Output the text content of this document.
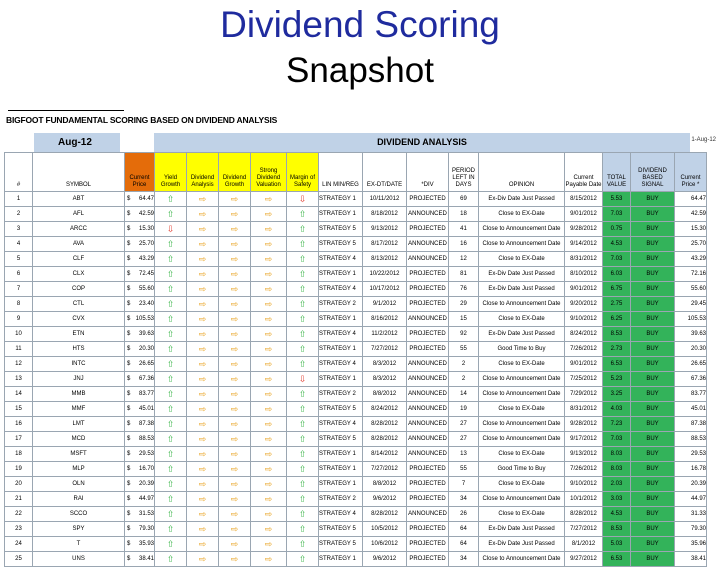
Dividend Scoring
Snapshot
BIGFOOT FUNDAMENTAL SCORING BASED ON DIVIDEND ANALYSIS
Aug-12	DIVIDEND ANALYSIS	1-Aug-12
#	SYMBOL	Current Price	Yield Growth	Dividend Analysis	Dividend Growth	Strong Dividend Valuation	Margin of Safety	LIN MIN/REG	EX-DT/DATE	*DIV	PERIOD LEFT IN DAYS	OPINION	Current Payable Date	TOTAL VALUE	DIVIDEND BASED SIGNAL	Current Price *
1	ABT	$ 64.47	⇧	⇨	⇨	⇨	⇩	STRATEGY 1	10/11/2012	PROJECTED	69	Ex-Div Date Just Passed	8/15/2012	5.53	BUY	64.47
2	AFL	$ 42.59	⇧	⇨	⇨	⇨	⇧	STRATEGY 1	8/18/2012	ANNOUNCED	18	Close to EX-Date	9/01/2012	7.03	BUY	42.59
3	ARCC	$ 15.30	⇩	⇨	⇨	⇨	⇧	STRATEGY 5	9/13/2012	PROJECTED	41	Close to Announcement Date	9/28/2012	0.75	BUY	15.30
4	AVA	$ 25.70	⇧	⇨	⇨	⇨	⇧	STRATEGY 5	8/17/2012	ANNOUNCED	16	Close to Announcement Date	9/14/2012	4.53	BUY	25.70
5	CLF	$ 43.29	⇧	⇨	⇨	⇨	⇧	STRATEGY 4	8/13/2012	ANNOUNCED	12	Close to EX-Date	8/31/2012	7.03	BUY	43.29
6	CLX	$ 72.45	⇧	⇨	⇨	⇨	⇧	STRATEGY 1	10/22/2012	PROJECTED	81	Ex-Div Date Just Passed	8/10/2012	6.03	BUY	72.16
7	COP	$ 55.60	⇧	⇨	⇨	⇨	⇧	STRATEGY 4	10/17/2012	PROJECTED	76	Ex-Div Date Just Passed	9/01/2012	6.75	BUY	55.60
8	CTL	$ 23.40	⇧	⇨	⇨	⇨	⇧	STRATEGY 2	9/1/2012	PROJECTED	29	Close to Announcement Date	9/20/2012	2.75	BUY	29.45
9	CVX	$ 105.53	⇧	⇨	⇨	⇨	⇧	STRATEGY 1	8/16/2012	ANNOUNCED	15	Close to EX-Date	9/10/2012	6.25	BUY	105.53
10	ETN	$ 39.63	⇧	⇨	⇨	⇨	⇧	STRATEGY 4	11/2/2012	PROJECTED	92	Ex-Div Date Just Passed	8/24/2012	8.53	BUY	39.63
11	HTS	$ 20.30	⇧	⇨	⇨	⇨	⇧	STRATEGY 1	7/27/2012	PROJECTED	55	Good Time to Buy	7/26/2012	2.73	BUY	20.30
12	INTC	$ 26.65	⇧	⇨	⇨	⇨	⇧	STRATEGY 4	8/3/2012	ANNOUNCED	2	Close to EX-Date	9/01/2012	6.53	BUY	26.65
13	JNJ	$ 67.36	⇧	⇨	⇨	⇨	⇩	STRATEGY 1	8/3/2012	ANNOUNCED	2	Close to Announcement Date	7/25/2012	5.23	BUY	67.36
14	MMB	$ 83.77	⇧	⇨	⇨	⇨	⇧	STRATEGY 2	8/8/2012	ANNOUNCED	14	Close to Announcement Date	7/29/2012	3.25	BUY	83.77
15	MMF	$ 45.01	⇧	⇨	⇨	⇨	⇧	STRATEGY 5	8/24/2012	ANNOUNCED	19	Close to EX-Date	8/31/2012	4.03	BUY	45.01
16	LMT	$ 87.38	⇧	⇨	⇨	⇨	⇧	STRATEGY 4	8/28/2012	ANNOUNCED	27	Close to Announcement Date	9/28/2012	7.23	BUY	87.38
17	MCD	$ 88.53	⇧	⇨	⇨	⇨	⇧	STRATEGY 5	8/28/2012	ANNOUNCED	27	Close to Announcement Date	9/17/2012	7.03	BUY	88.53
18	MSFT	$ 29.53	⇧	⇨	⇨	⇨	⇧	STRATEGY 1	8/14/2012	ANNOUNCED	13	Close to EX-Date	9/13/2012	8.03	BUY	29.53
19	MLP	$ 16.70	⇧	⇨	⇨	⇨	⇧	STRATEGY 1	7/27/2012	PROJECTED	55	Good Time to Buy	7/26/2012	8.03	BUY	16.78
20	OLN	$ 20.39	⇧	⇨	⇨	⇨	⇧	STRATEGY 1	8/8/2012	PROJECTED	7	Close to EX-Date	9/10/2012	2.03	BUY	20.39
21	RAI	$ 44.97	⇧	⇨	⇨	⇨	⇧	STRATEGY 2	9/6/2012	PROJECTED	34	Close to Announcement Date	10/1/2012	3.03	BUY	44.97
22	SCCO	$ 31.53	⇧	⇨	⇨	⇨	⇧	STRATEGY 4	8/28/2012	ANNOUNCED	26	Close to EX-Date	8/28/2012	4.53	BUY	31.33
23	SPY	$ 79.30	⇧	⇨	⇨	⇨	⇧	STRATEGY 5	10/5/2012	PROJECTED	64	Ex-Div Date Just Passed	7/27/2012	8.53	BUY	79.30
24	T	$ 35.93	⇧	⇨	⇨	⇨	⇧	STRATEGY 5	10/6/2012	PROJECTED	64	Ex-Div Date Just Passed	8/1/2012	5.03	BUY	35.96
25	UNS	$ 38.41	⇧	⇨	⇨	⇨	⇧	STRATEGY 1	9/6/2012	PROJECTED	34	Close to Announcement Date	9/27/2012	6.53	BUY	38.41
